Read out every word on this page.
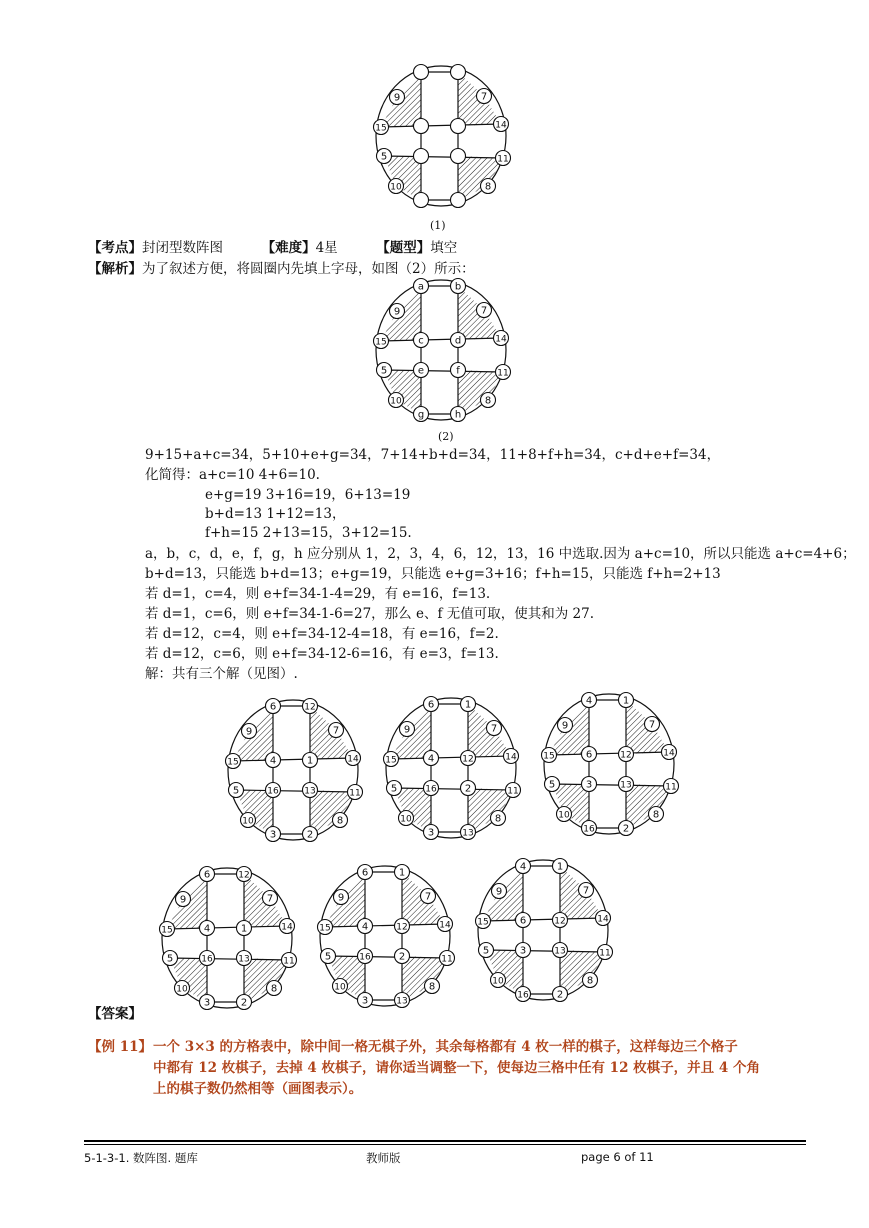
9	7
15	14
5	11
10	8
(1)
【考点】封闭型数阵图	【难度】4星	【题型】填空
【解析】为了叙述方便，将圆圈内先填上字母，如图（2）所示：
9	7
15	14
5	11
10	8
a	b
c	d
e	f
g	h
(2)
9+15+a+c=34，5+10+e+g=34，7+14+b+d=34，11+8+f+h=34，c+d+e+f=34，
化简得：a+c=10 4+6=10.
e+g=19 3+16=19，6+13=19
b+d=13 1+12=13，
f+h=15 2+13=15，3+12=15.
a，b，c，d，e，f，g，h 应分别从 1，2，3，4，6，12，13，16 中选取.因为 a+c=10，所以只能选 a+c=4+6；
b+d=13，只能选 b+d=13；e+g=19，只能选 e+g=3+16；f+h=15，只能选 f+h=2+13
若 d=1，c=4，则 e+f=34-1-4=29，有 e=16，f=13.
若 d=1，c=6，则 e+f=34-1-6=27，那么 e、f 无值可取，使其和为 27.
若 d=12，c=4，则 e+f=34-12-4=18，有 e=16，f=2.
若 d=12，c=6，则 e+f=34-12-6=16，有 e=3，f=13.
解：共有三个解（见图）.
9	7
15	14
5	11
10	8
6	12
4	1
16	13
3	2
9	7
15	14
5	11
10	8
6	1
4	12
16	2
3	13
9	7
15	14
5	11
10	8
4	1
6	12
3	13
16	2
9	7
15	14
5	11
10	8
6	12
4	1
16	13
3	2
9	7
15	14
5	11
10	8
6	1
4	12
16	2
3	13
9	7
15	14
5	11
10	8
4	1
6	12
3	13
16	2
【答案】
【例 11】 一个 3×3 的方格表中，除中间一格无棋子外，其余每格都有 4 枚一样的棋子，这样每边三个格子
中都有 12 枚棋子，去掉 4 枚棋子，请你适当调整一下，使每边三格中任有 12 枚棋子，并且 4 个角
上的棋子数仍然相等（画图表示）。
5-1-3-1. 数阵图. 题库	教师版	page 6 of 11
